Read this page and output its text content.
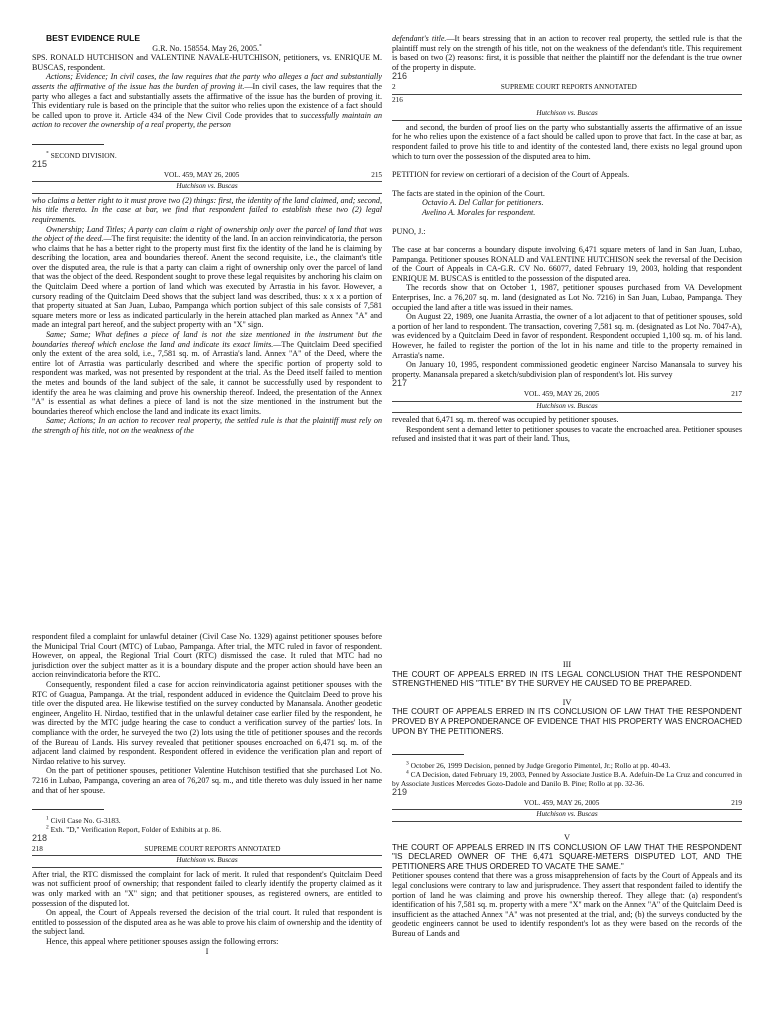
BEST EVIDENCE RULE

G.R. No. 158554. May 26, 2005.*

SPS. RONALD HUTCHISON and VALENTINE NAVALE-HUTCHISON, petitioners, vs. ENRIQUE M. BUSCAS, respondent.

Actions; Evidence; In civil cases, the law requires that the party who alleges a fact and substantially asserts the affirmative of the issue has the burden of proving it.—In civil cases, the law requires that the party who alleges a fact and substantially assets the affirmative of the issue has the burden of proving it. This evidentiary rule is based on the principle that the suitor who relies upon the existence of a fact should be called upon to prove it. Article 434 of the New Civil Code provides that to successfully maintain an action to recover the ownership of a real property, the person

* SECOND DIVISION.

215

VOL. 459, MAY 26, 2005	215
Hutchison vs. Buscas

who claims a better right to it must prove two (2) things: first, the identity of the land claimed, and; second, his title thereto. In the case at bar, we find that respondent failed to establish these two (2) legal requirements.

Ownership; Land Titles; A party can claim a right of ownership only over the parcel of land that was the object of the deed.—The first requisite: the identity of the land. In an accion reinvindicatoria, the person who claims that he has a better right to the property must first fix the identity of the land he is claiming by describing the location, area and boundaries thereof. Anent the second requisite, i.e., the claimant's title over the disputed area, the rule is that a party can claim a right of ownership only over the parcel of land that was the object of the deed. Respondent sought to prove these legal requisites by anchoring his claim on the Quitclaim Deed where a portion of land which was executed by Arrastia in his favor. However, a cursory reading of the Quitclaim Deed shows that the subject land was described, thus: x x x a portion of that property situated at San Juan, Lubao, Pampanga which portion subject of this sale consists of 7,581 square meters more or less as indicated particularly in the herein attached plan marked as Annex "A" and made an integral part hereof, and the subject property with an "X" sign.

Same; Same; What defines a piece of land is not the size mentioned in the instrument but the boundaries thereof which enclose the land and indicate its exact limits.—The Quitclaim Deed specified only the extent of the area sold, i.e., 7,581 sq. m. of Arrastia's land. Annex "A" of the Deed, where the entire lot of Arrastia was particularly described and where the specific portion of property sold to respondent was marked, was not presented by respondent at the trial. As the Deed itself failed to mention the metes and bounds of the land subject of the sale, it cannot be successfully used by respondent to identify the area he was claiming and prove his ownership thereof. Indeed, the presentation of the Annex "A" is essential as what defines a piece of land is not the size mentioned in the instrument but the boundaries thereof which enclose the land and indicate its exact limits.

Same; Actions; In an action to recover real property, the settled rule is that the plaintiff must rely on the strength of his title, not on the weakness of the

defendant's title.—It bears stressing that in an action to recover real property, the settled rule is that the plaintiff must rely on the strength of his title, not on the weakness of the defendant's title. This requirement is based on two (2) reasons: first, it is possible that neither the plaintiff nor the defendant is the true owner of the property in dispute.

216

2	SUPREME COURT REPORTS ANNOTATED

216

Hutchison vs. Buscas

and second, the burden of proof lies on the party who substantially asserts the affirmative of an issue for he who relies upon the existence of a fact should be called upon to prove that fact. In the case at bar, as respondent failed to prove his title to and identity of the contested land, there exists no legal ground upon which to turn over the possession of the disputed area to him.

PETITION for review on certiorari of a decision of the Court of Appeals.

The facts are stated in the opinion of the Court.

Octavio A. Del Callar for petitioners.

Avelino A. Morales for respondent.

PUNO, J.:

The case at bar concerns a boundary dispute involving 6,471 square meters of land in San Juan, Lubao, Pampanga. Petitioner spouses RONALD and VALENTINE HUTCHISON seek the reversal of the Decision of the Court of Appeals in CA-G.R. CV No. 66077, dated February 19, 2003, holding that respondent ENRIQUE M. BUSCAS is entitled to the possession of the disputed area.

The records show that on October 1, 1987, petitioner spouses purchased from VA Development Enterprises, Inc. a 76,207 sq. m. land (designated as Lot No. 7216) in San Juan, Lubao, Pampanga. They occupied the land after a title was issued in their names.

On August 22, 1989, one Juanita Arrastia, the owner of a lot adjacent to that of petitioner spouses, sold a portion of her land to respondent. The transaction, covering 7,581 sq. m. (designated as Lot No. 7047-A), was evidenced by a Quitclaim Deed in favor of respondent. Respondent occupied 1,100 sq. m. of his land. However, he failed to register the portion of the lot in his name and title to the property remained in Arrastia's name.

On January 10, 1995, respondent commissioned geodetic engineer Narciso Manansala to survey his property. Manansala prepared a sketch/subdivision plan of respondent's lot. His survey

217

VOL. 459, MAY 26, 2005	217
Hutchison vs. Buscas

revealed that 6,471 sq. m. thereof was occupied by petitioner spouses.

Respondent sent a demand letter to petitioner spouses to vacate the encroached area. Petitioner spouses refused and insisted that it was part of their land. Thus,

respondent filed a complaint for unlawful detainer (Civil Case No. 1329) against petitioner spouses before the Municipal Trial Court (MTC) of Lubao, Pampanga. After trial, the MTC ruled in favor of respondent. However, on appeal, the Regional Trial Court (RTC) dismissed the case. It ruled that MTC had no jurisdiction over the subject matter as it is a boundary dispute and the proper action should have been an accion reinvindicatoria before the RTC.

Consequently, respondent filed a case for accion reinvindicatoria against petitioner spouses with the RTC of Guagua, Pampanga. At the trial, respondent adduced in evidence the Quitclaim Deed to prove his title over the disputed area. He likewise testified on the survey conducted by Manansala. Another geodetic engineer, Angelito H. Nirdao, testified that in the unlawful detainer case earlier filed by the respondent, he was directed by the MTC judge hearing the case to conduct a verification survey of the parties' lots. In compliance with the order, he surveyed the two (2) lots using the title of petitioner spouses and the records of the Bureau of Lands. His survey revealed that petitioner spouses encroached on 6,471 sq. m. of the adjacent land claimed by respondent. Respondent offered in evidence the verification plan and report of Nirdao relative to his survey.

On the part of petitioner spouses, petitioner Valentine Hutchison testified that she purchased Lot No. 7216 in Lubao, Pampanga, covering an area of 76,207 sq. m., and title thereto was duly issued in her name and that of her spouse.

$^1$ Civil Case No. G-3183.

$^2$ Exh. "D," Verification Report, Folder of Exhibits at p. 86.

218

218	SUPREME COURT REPORTS ANNOTATED
Hutchison vs. Buscas

After trial, the RTC dismissed the complaint for lack of merit. It ruled that respondent's Quitclaim Deed was not sufficient proof of ownership; that respondent failed to clearly identify the property claimed as it was only marked with an "X" sign; and that petitioner spouses, as registered owners, are entitled to possession of the disputed lot.

On appeal, the Court of Appeals reversed the decision of the trial court. It ruled that respondent is entitled to possession of the disputed area as he was able to prove his claim of ownership and the identity of the subject land.

Hence, this appeal where petitioner spouses assign the following errors:

I

III

THE COURT OF APPEALS ERRED IN ITS LEGAL CONCLUSION THAT THE RESPONDENT STRENGTHENED HIS "TITLE" BY THE SURVEY HE CAUSED TO BE PREPARED.

IV

THE COURT OF APPEALS ERRED IN ITS CONCLUSION OF LAW THAT THE RESPONDENT PROVED BY A PREPONDERANCE OF EVIDENCE THAT HIS PROPERTY WAS ENCROACHED UPON BY THE PETITIONERS.

$^3$ October 26, 1999 Decision, penned by Judge Gregorio Pimentel, Jr.; Rollo at pp. 40-43.

$^4$ CA Decision, dated February 19, 2003, Penned by Associate Justice B.A. Adefuin-De La Cruz and concurred in by Associate Justices Mercedes Gozo-Dadole and Danilo B. Pine; Rollo at pp. 32-36.

219

VOL. 459, MAY 26, 2005	219
Hutchison vs. Buscas

V

THE COURT OF APPEALS ERRED IN ITS CONCLUSION OF LAW THAT THE RESPONDENT "IS DECLARED OWNER OF THE 6,471 SQUARE-METERS DISPUTED LOT, AND THE PETITIONERS ARE THUS ORDERED TO VACATE THE SAME."

Petitioner spouses contend that there was a gross misapprehension of facts by the Court of Appeals and its legal conclusions were contrary to law and jurisprudence. They assert that respondent failed to identify the portion of land he was claiming and prove his ownership thereof. They allege that: (a) respondent's identification of his 7,581 sq. m. property with a mere "X" mark on the Annex "A" of the Quitclaim Deed is insufficient as the attached Annex "A" was not presented at the trial, and; (b) the surveys conducted by the geodetic engineers cannot be used to identify respondent's lot as they were based on the records of the Bureau of Lands and
